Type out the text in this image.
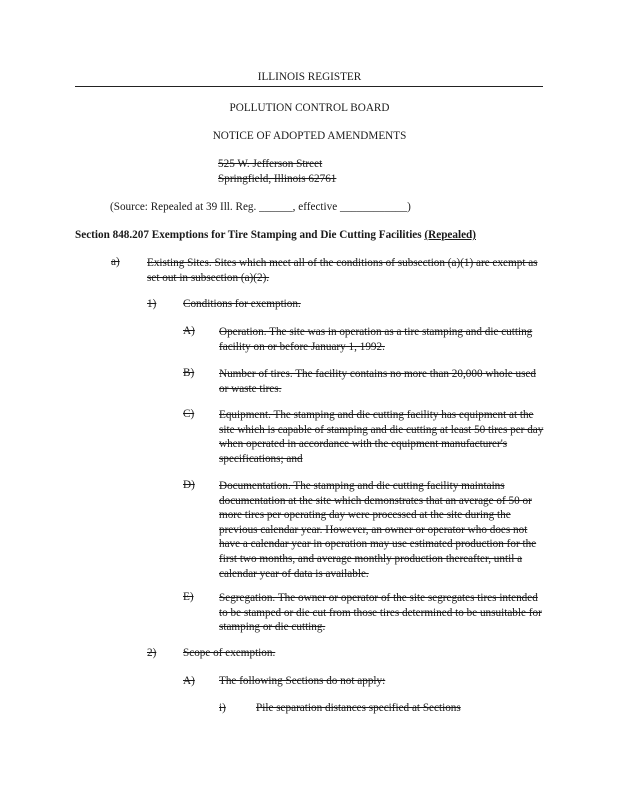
ILLINOIS REGISTER
POLLUTION CONTROL BOARD
NOTICE OF ADOPTED AMENDMENTS
525 W. Jefferson Street
Springfield, Illinois 62761
(Source: Repealed at 39 Ill. Reg. ______, effective ____________)
Section 848.207 Exemptions for Tire Stamping and Die Cutting Facilities (Repealed)
a) Existing Sites. Sites which meet all of the conditions of subsection (a)(1) are exempt as set out in subsection (a)(2).
1) Conditions for exemption.
A) Operation. The site was in operation as a tire stamping and die cutting facility on or before January 1, 1992.
B) Number of tires. The facility contains no more than 20,000 whole used or waste tires.
C) Equipment. The stamping and die cutting facility has equipment at the site which is capable of stamping and die cutting at least 50 tires per day when operated in accordance with the equipment manufacturer's specifications; and
D) Documentation. The stamping and die cutting facility maintains documentation at the site which demonstrates that an average of 50 or more tires per operating day were processed at the site during the previous calendar year. However, an owner or operator who does not have a calendar year in operation may use estimated production for the first two months, and average monthly production thereafter, until a calendar year of data is available.
E) Segregation. The owner or operator of the site segregates tires intended to be stamped or die cut from those tires determined to be unsuitable for stamping or die cutting.
2) Scope of exemption.
A) The following Sections do not apply:
i)	Pile separation distances specified at Sections
